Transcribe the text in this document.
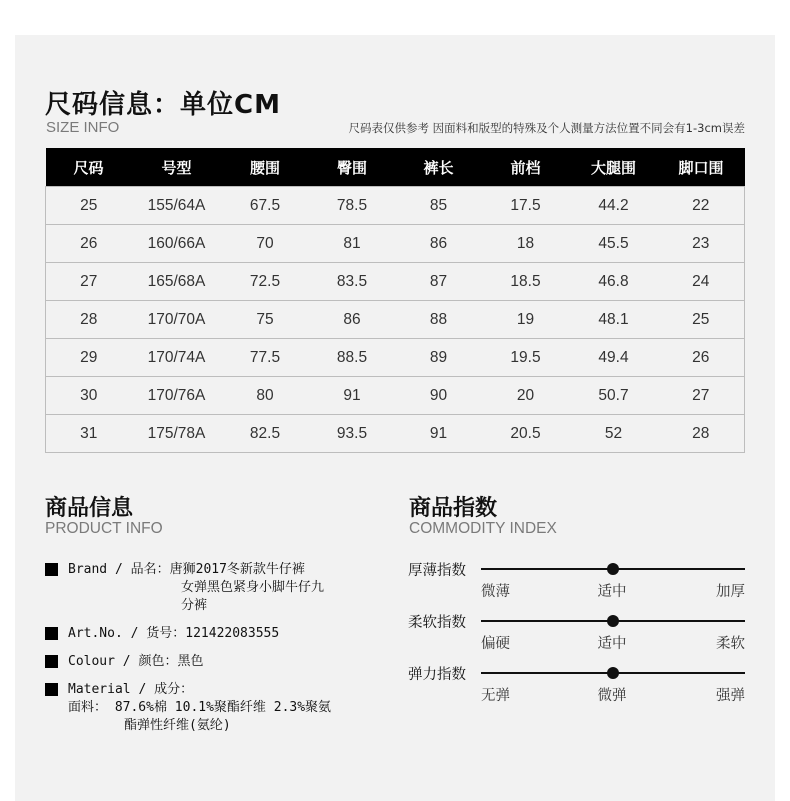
尺码信息：单位CM
SIZE INFO	尺码表仅供参考 因面料和版型的特殊及个人测量方法位置不同会有1-3cm误差
尺码	号型	腰围	臀围	裤长	前档	大腿围	脚口围
25	155/64A	67.5	78.5	85	17.5	44.2	22
26	160/66A	70	81	86	18	45.5	23
27	165/68A	72.5	83.5	87	18.5	46.8	24
28	170/70A	75	86	88	19	48.1	25
29	170/74A	77.5	88.5	89	19.5	49.4	26
30	170/76A	80	91	90	20	50.7	27
31	175/78A	82.5	93.5	91	20.5	52	28
商品信息
PRODUCT INFO
Brand / 品名：唐狮2017冬新款牛仔裤
女弹黑色紧身小脚牛仔九
分裤
Art.No. / 货号：121422083555
Colour / 颜色：黑色
Material / 成分：
面料： 87.6%棉 10.1%聚酯纤维 2.3%聚氨
酯弹性纤维(氨纶)
商品指数
COMMODITY INDEX
厚薄指数
微薄	适中	加厚
柔软指数
偏硬	适中	柔软
弹力指数
无弹	微弹	强弹
